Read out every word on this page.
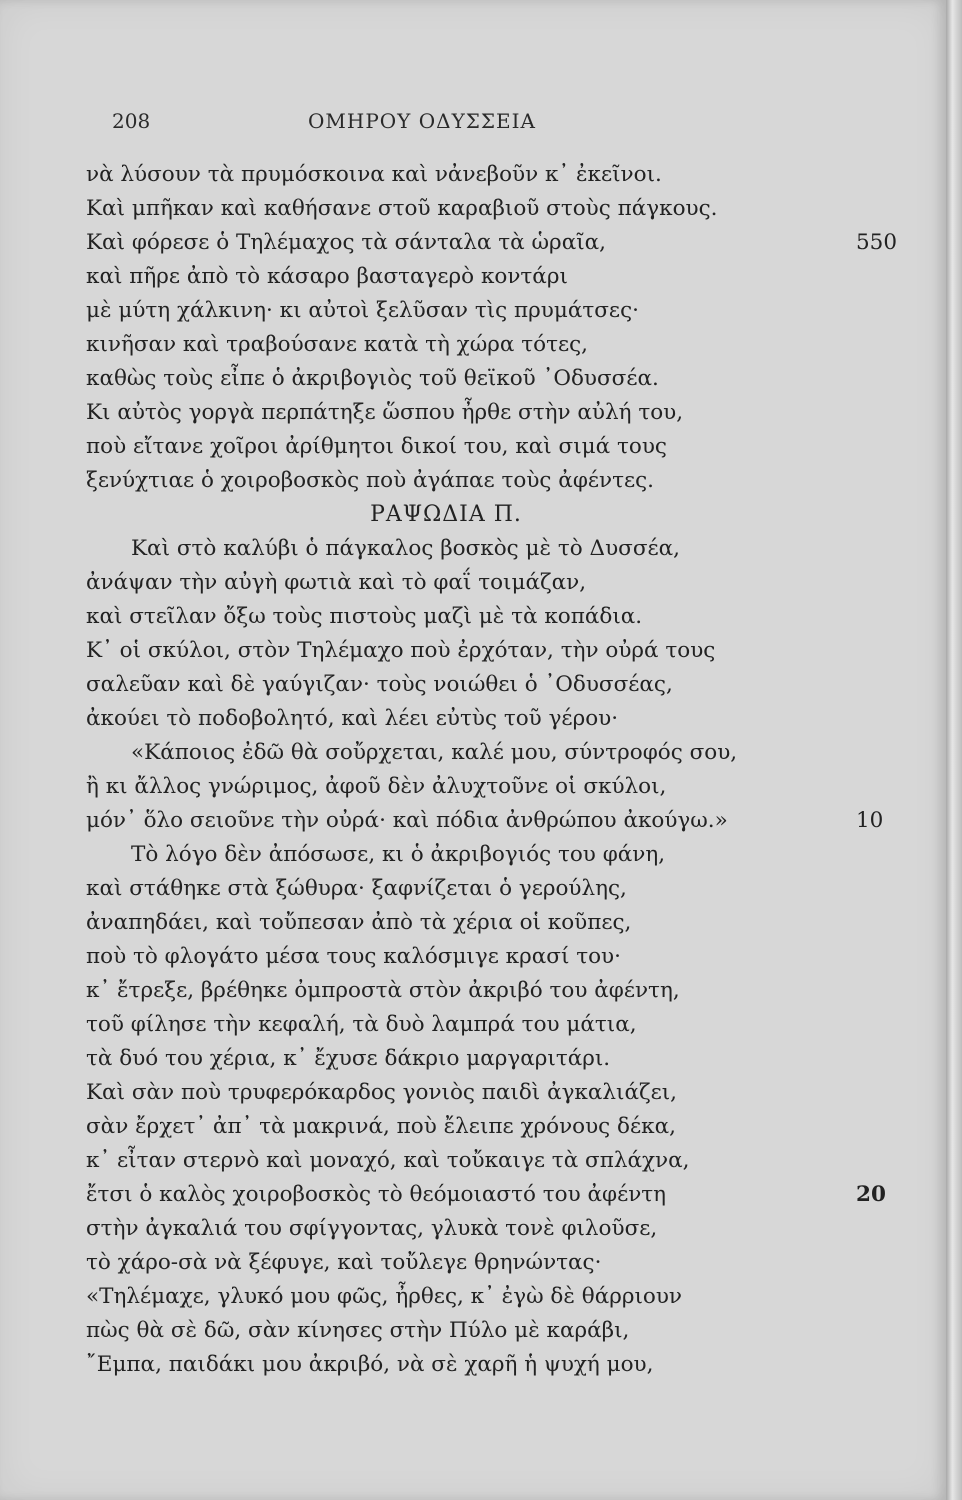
208	ΟΜΗΡΟΥ ΟΔΥΣΣΕΙΑ
νὰ λύσουν τὰ πρυμόσκοινα καὶ νἀνεβοῦν κ᾿ ἐκεῖνοι.
Καὶ μπῆκαν καὶ καθήσανε στοῦ καραβιοῦ στοὺς πάγκους.
Καὶ φόρεσε ὁ Τηλέμαχος τὰ σάνταλα τὰ ὡραῖα,	550
καὶ πῆρε ἀπὸ τὸ κάσαρο βασταγερὸ κοντάρι
μὲ μύτη χάλκινη· κι αὐτοὶ ξελῦσαν τὶς πρυμάτσες·
κινῆσαν καὶ τραβούσανε κατὰ τὴ χώρα τότες,
καθὼς τοὺς εἶπε ὁ ἀκριβογιὸς τοῦ θεϊκοῦ ᾿Οδυσσέα.
Κι αὐτὸς γοργὰ περπάτηξε ὥσπου ἦρθε στὴν αὐλή του,
ποὺ εἴτανε χοῖροι ἀρίθμητοι δικοί του, καὶ σιμά τους
ξενύχτιαε ὁ χοιροβοσκὸς ποὺ ἀγάπαε τοὺς ἀφέντες.
ΡΑΨΩΔΙΑ Π.
Καὶ στὸ καλύβι ὁ πάγκαλος βοσκὸς μὲ τὸ Δυσσέα,
ἀνάψαν τὴν αὐγὴ φωτιὰ καὶ τὸ φαΐ τοιμάζαν,
καὶ στεῖλαν ὄξω τοὺς πιστοὺς μαζὶ μὲ τὰ κοπάδια.
Κ᾿ οἱ σκύλοι, στὸν Τηλέμαχο ποὺ ἐρχόταν, τὴν οὐρά τους
σαλεῦαν καὶ δὲ γαύγιζαν· τοὺς νοιώθει ὁ ᾿Οδυσσέας,
ἀκούει τὸ ποδοβολητό, καὶ λέει εὐτὺς τοῦ γέρου·
«Κάποιος ἐδῶ θὰ σοὔρχεται, καλέ μου, σύντροφός σου,
ἢ κι ἄλλος γνώριμος, ἀφοῦ δὲν ἀλυχτοῦνε οἱ σκύλοι,
μόν᾿ ὅλο σειοῦνε τὴν οὐρά· καὶ πόδια ἀνθρώπου ἀκούγω.»	10
Τὸ λόγο δὲν ἀπόσωσε, κι ὁ ἀκριβογιός του φάνη,
καὶ στάθηκε στὰ ξώθυρα· ξαφνίζεται ὁ γερούλης,
ἀναπηδάει, καὶ τοὔπεσαν ἀπὸ τὰ χέρια οἱ κοῦπες,
ποὺ τὸ φλογάτο μέσα τους καλόσμιγε κρασί του·
κ᾿ ἔτρεξε, βρέθηκε ὀμπροστὰ στὸν ἀκριβό του ἀφέντη,
τοῦ φίλησε τὴν κεφαλή, τὰ δυὸ λαμπρά του μάτια,
τὰ δυό του χέρια, κ᾿ ἔχυσε δάκριο μαργαριτάρι.
Καὶ σὰν ποὺ τρυφερόκαρδος γονιὸς παιδὶ ἀγκαλιάζει,
σὰν ἔρχετ᾿ ἀπ᾿ τὰ μακρινά, ποὺ ἔλειπε χρόνους δέκα,
κ᾿ εἶταν στερνὸ καὶ μοναχό, καὶ τοὔκαιγε τὰ σπλάχνα,
ἔτσι ὁ καλὸς χοιροβοσκὸς τὸ θεόμοιαστό του ἀφέντη	20
στὴν ἀγκαλιά του σφίγγοντας, γλυκὰ τονὲ φιλοῦσε,
τὸ χάρο-σὰ νὰ ξέφυγε, καὶ τοὔλεγε θρηνώντας·
«Τηλέμαχε, γλυκό μου φῶς, ἦρθες, κ᾿ ἐγὼ δὲ θάρριουν
πὼς θὰ σὲ δῶ, σὰν κίνησες στὴν Πύλο μὲ καράβι,
῎Εμπα, παιδάκι μου ἀκριβό, νὰ σὲ χαρῆ ἡ ψυχή μου,
